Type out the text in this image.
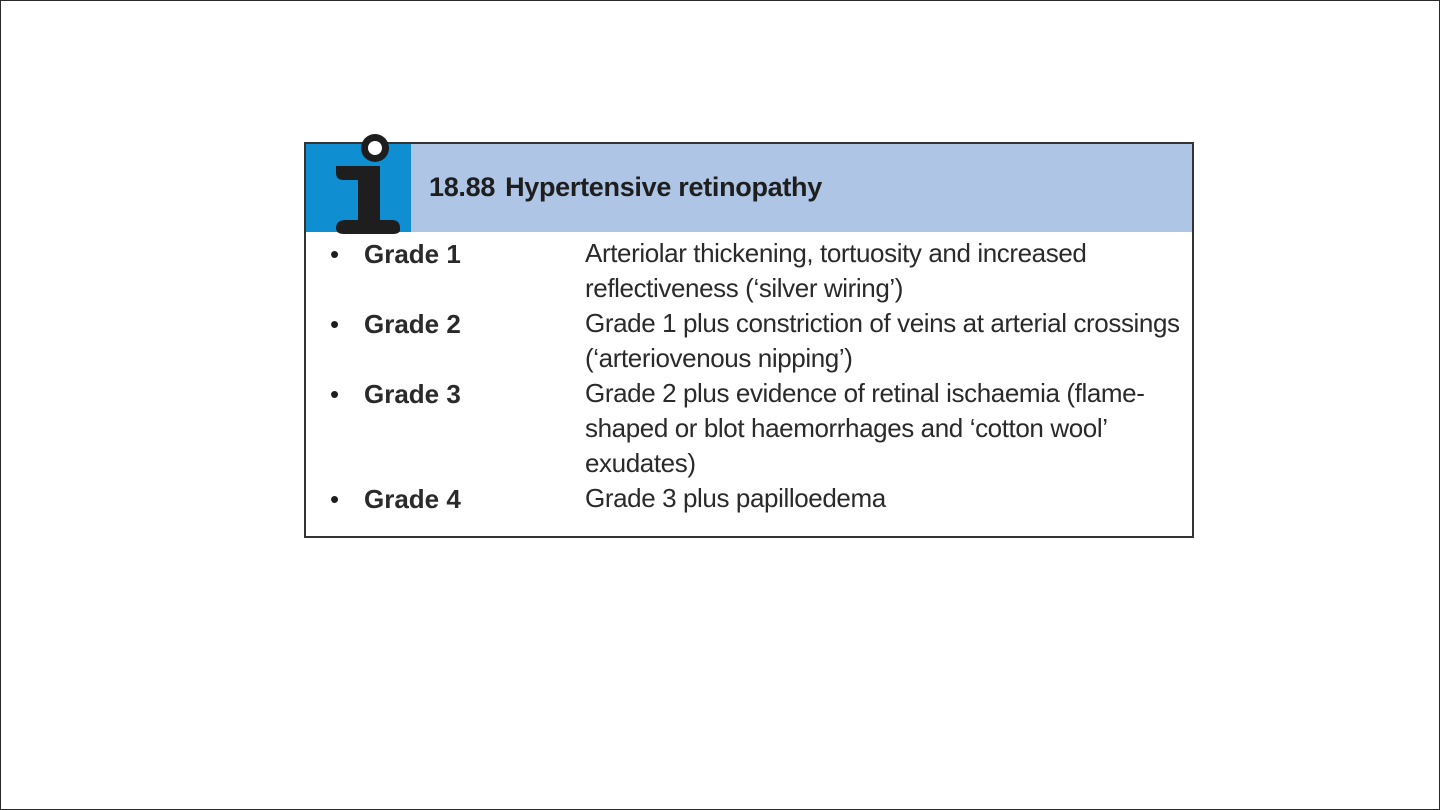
18.88 Hypertensive retinopathy
• Grade 1	Arteriolar thickening, tortuosity and increased reflectiveness (‘silver wiring’)
• Grade 2	Grade 1 plus constriction of veins at arterial crossings (‘arteriovenous nipping’)
• Grade 3	Grade 2 plus evidence of retinal ischaemia (flame-shaped or blot haemorrhages and ‘cotton wool’ exudates)
• Grade 4	Grade 3 plus papilloedema
